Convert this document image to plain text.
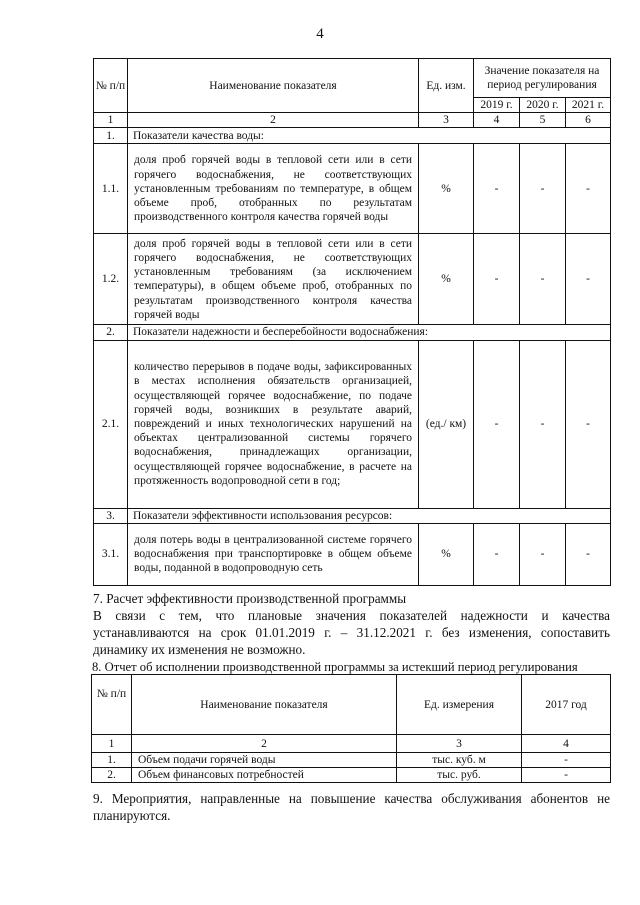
4
№ п/п	Наименование показателя	Ед. изм.	Значение показателя на период регулирования		
			2019 г.	2020 г.	2021 г.
1	2	3	4	5	6
1.	Показатели качества воды:				
1.1.	доля проб горячей воды в тепловой сети или в сети горячего водоснабжения, не соответствующих установленным требованиям по температуре, в общем объеме проб, отобранных по результатам производственного контроля качества горячей воды	%	-	-	-
1.2.	доля проб горячей воды в тепловой сети или в сети горячего водоснабжения, не соответствующих установленным требованиям (за исключением температуры), в общем объеме проб, отобранных по результатам производственного контроля качества горячей воды	%	-	-	-
2.	Показатели надежности и бесперебойности водоснабжения:				
2.1.	количество перерывов в подаче воды, зафиксированных в местах исполнения обязательств организацией, осуществляющей горячее водоснабжение, по подаче горячей воды, возникших в результате аварий, повреждений и иных технологических нарушений на объектах централизованной системы горячего водоснабжения, принадлежащих организации, осуществляющей горячее водоснабжение, в расчете на протяженность водопроводной сети в год;	(ед./ км)	-	-	-
3.	Показатели эффективности использования ресурсов:				
3.1.	доля потерь воды в централизованной системе горячего водоснабжения при транспортировке в общем объеме воды, поданной в водопроводную сеть	%	-	-	-
7. Расчет эффективности производственной программы
В связи с тем, что плановые значения показателей надежности и качества
устанавливаются на срок 01.01.2019 г. – 31.12.2021 г. без изменения, сопоставить
динамику их изменения не возможно.
8. Отчет об исполнении производственной программы за истекший период регулирования
№ п/п	Наименование показателя	Ед. измерения	2017 год
1	2	3	4
1.	Объем подачи горячей воды	тыс. куб. м	-
2.	Объем финансовых потребностей	тыс. руб.	-
9. Мероприятия, направленные на повышение качества обслуживания абонентов не
планируются.
